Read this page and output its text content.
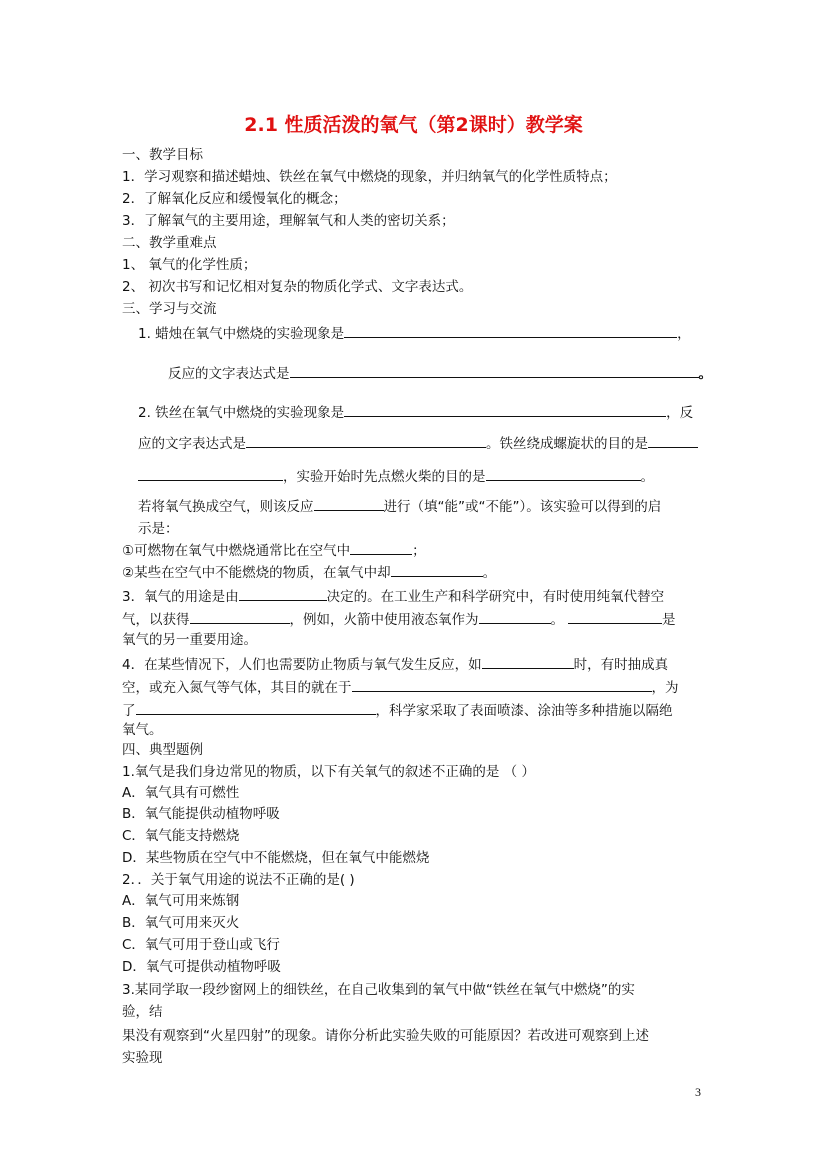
2.1 性质活泼的氧气（第2课时）教学案
一、教学目标
1．学习观察和描述蜡烛、铁丝在氧气中燃烧的现象，并归纳氧气的化学性质特点；
2．了解氧化反应和缓慢氧化的概念；
3．了解氧气的主要用途，理解氧气和人类的密切关系；
二、教学重难点
1、 氧气的化学性质；
2、 初次书写和记忆相对复杂的物质化学式、文字表达式。
三、学习与交流
1. 蜡烛在氧气中燃烧的实验现象是	，
反应的文字表达式是	。
2. 铁丝在氧气中燃烧的实验现象是	，反
应的文字表达式是	。铁丝绕成螺旋状的目的是
，实验开始时先点燃火柴的目的是	。
若将氧气换成空气，则该反应	进行（填“能”或“不能”）。该实验可以得到的启
示是：
①可燃物在氧气中燃烧通常比在空气中	；
②某些在空气中不能燃烧的物质，在氧气中却	。
3．氧气的用途是由	决定的。在工业生产和科学研究中，有时使用纯氧代替空
气，以获得	，例如，火箭中使用液态氧作为	。	是
氧气的另一重要用途。
4．在某些情况下，人们也需要防止物质与氧气发生反应，如	时，有时抽成真
空，或充入氮气等气体，其目的就在于	，为
了	，科学家采取了表面喷漆、涂油等多种措施以隔绝
氧气。
四、典型题例
1.氧气是我们身边常见的物质，以下有关氧气的叙述不正确的是 （ ）
A．氧气具有可燃性
B．氧气能提供动植物呼吸
C．氧气能支持燃烧
D．某些物质在空气中不能燃烧，但在氧气中能燃烧
2．．关于氧气用途的说法不正确的是( )
A．氧气可用来炼钢
B．氧气可用来灭火
C．氧气可用于登山或飞行
D．氧气可提供动植物呼吸
3.某同学取一段纱窗网上的细铁丝，在自己收集到的氧气中做“铁丝在氧气中燃烧”的实
验，结
果没有观察到“火星四射”的现象。请你分析此实验失败的可能原因？若改进可观察到上述
实验现
3
